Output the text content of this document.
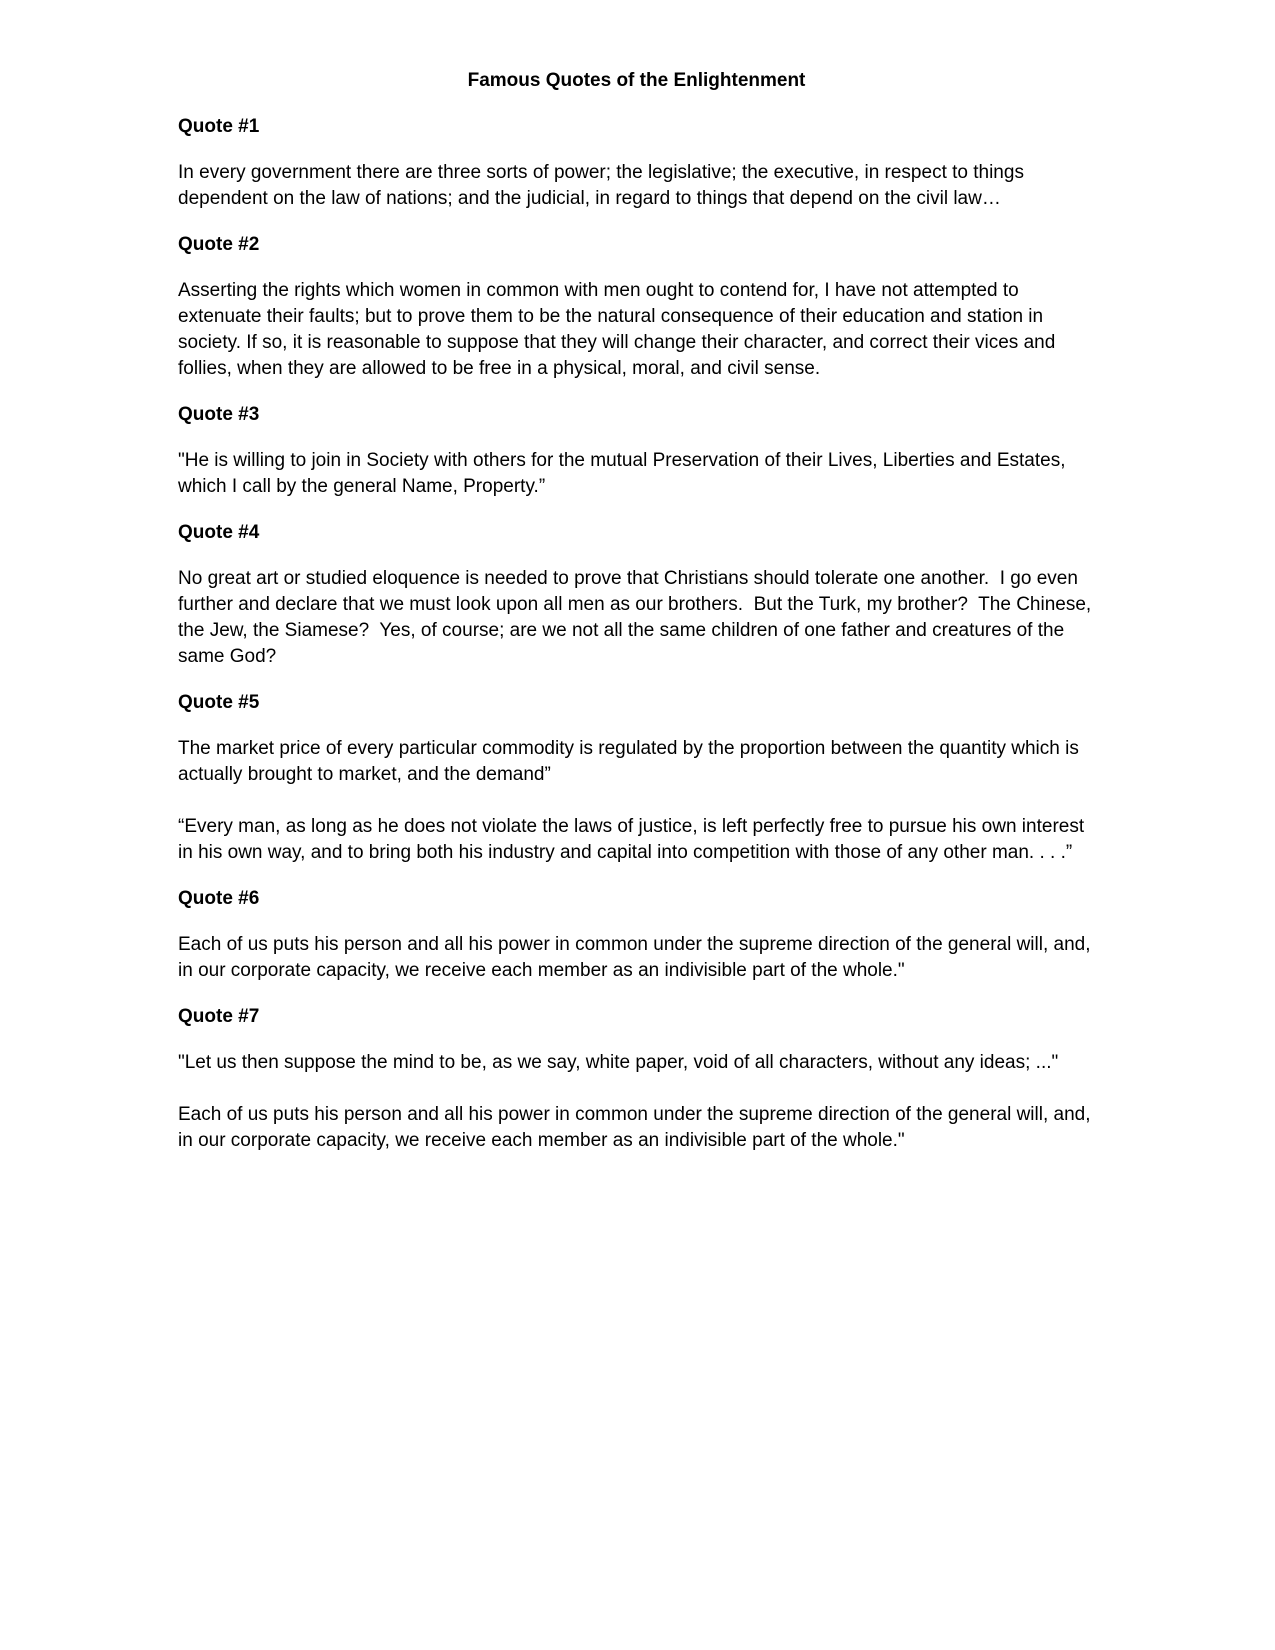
Famous Quotes of the Enlightenment
Quote #1

In every government there are three sorts of power; the legislative; the executive, in respect to things dependent on the law of nations; and the judicial, in regard to things that depend on the civil law…

Quote #2

Asserting the rights which women in common with men ought to contend for, I have not attempted to extenuate their faults; but to prove them to be the natural consequence of their education and station in society. If so, it is reasonable to suppose that they will change their character, and correct their vices and follies, when they are allowed to be free in a physical, moral, and civil sense.

Quote #3

"He is willing to join in Society with others for the mutual Preservation of their Lives, Liberties and Estates, which I call by the general Name, Property.”

Quote #4

No great art or studied eloquence is needed to prove that Christians should tolerate one another.  I go even further and declare that we must look upon all men as our brothers.  But the Turk, my brother?  The Chinese, the Jew, the Siamese?  Yes, of course; are we not all the same children of one father and creatures of the same God?

Quote #5

The market price of every particular commodity is regulated by the proportion between the quantity which is actually brought to market, and the demand”

“Every man, as long as he does not violate the laws of justice, is left perfectly free to pursue his own interest in his own way, and to bring both his industry and capital into competition with those of any other man. . . .”

Quote #6

Each of us puts his person and all his power in common under the supreme direction of the general will, and, in our corporate capacity, we receive each member as an indivisible part of the whole."

Quote #7

"Let us then suppose the mind to be, as we say, white paper, void of all characters, without any ideas; ..."

Each of us puts his person and all his power in common under the supreme direction of the general will, and, in our corporate capacity, we receive each member as an indivisible part of the whole."
